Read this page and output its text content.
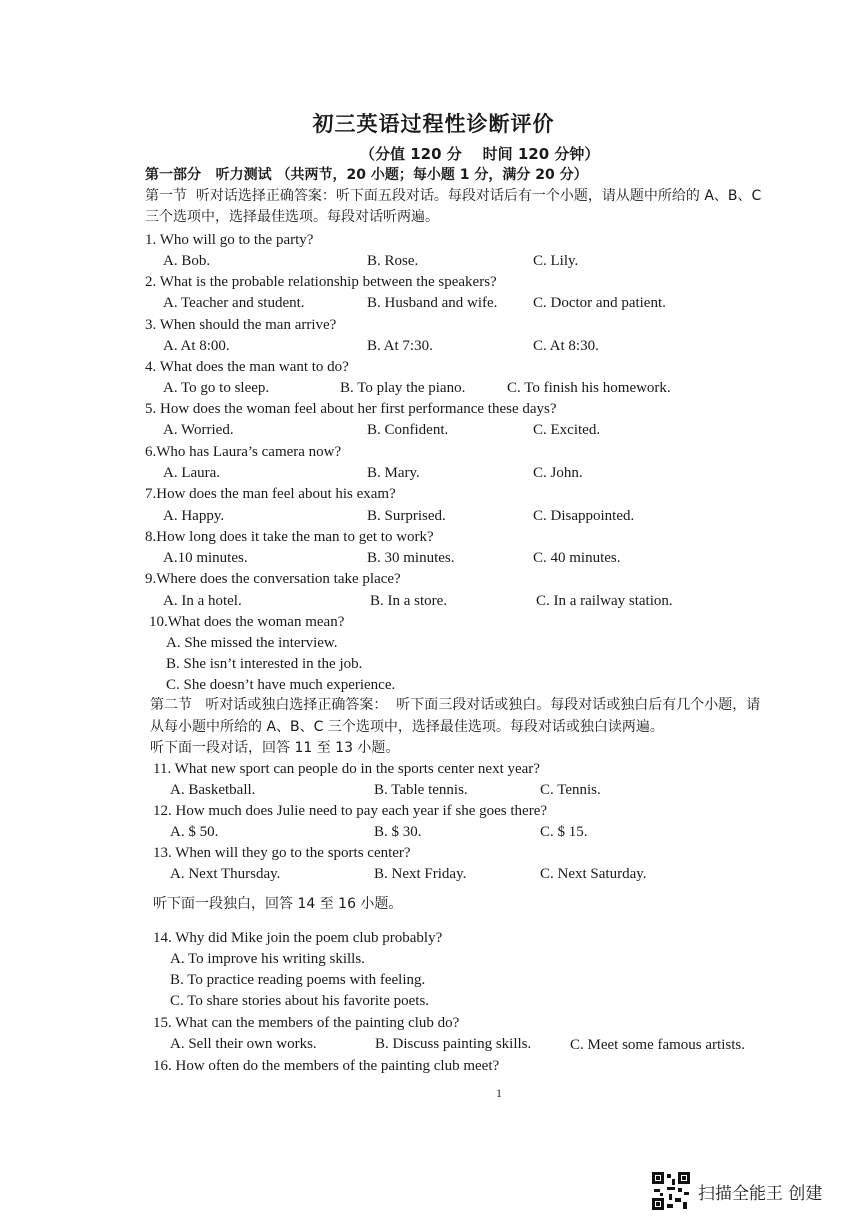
初三英语过程性诊断评价
（分值 120 分    时间 120 分钟）
第一部分   听力测试 （共两节，20 小题；每小题 1 分，满分 20 分）
第一节  听对话选择正确答案：听下面五段对话。每段对话后有一个小题，请从题中所给的 A、B、C
三个选项中，选择最佳选项。每段对话听两遍。
1. Who will go to the party?
A. Bob.	B. Rose.	C. Lily.
2. What is the probable relationship between the speakers?
A. Teacher and student.	B. Husband and wife. C. Doctor and patient.
3. When should the man arrive?
A. At 8:00.	B. At 7:30.	C. At 8:30.
4. What does the man want to do?
A. To go to sleep.	B. To play the piano.	C. To finish his homework.
5. How does the woman feel about her first performance these days?
A. Worried.	B. Confident.	C. Excited.
6.Who has Laura’s camera now?
A. Laura.	B. Mary.	C. John.
7.How does the man feel about his exam?
A. Happy.	B. Surprised.	C. Disappointed.
8.How long does it take the man to get to work?
A.10 minutes.	B. 30 minutes.	C. 40 minutes.
9.Where does the conversation take place?
A. In a hotel.	B. In a store.	C. In a railway station.
10.What does the woman mean?
A. She missed the interview.
B. She isn’t interested in the job.
C. She doesn’t have much experience.
第二节   听对话或独白选择正确答案：  听下面三段对话或独白。每段对话或独白后有几个小题，请
从每小题中所给的 A、B、C 三个选项中，选择最佳选项。每段对话或独白读两遍。
听下面一段对话，回答 11 至 13 小题。
11. What new sport can people do in the sports center next year?
A. Basketball.	B. Table tennis.	C. Tennis.
12. How much does Julie need to pay each year if she goes there?
A. $ 50.	B. $ 30.	C. $ 15.
13. When will they go to the sports center?
A. Next Thursday.	B. Next Friday.	C. Next Saturday.
听下面一段独白，回答 14 至 16 小题。
14. Why did Mike join the poem club probably?
A. To improve his writing skills.
B. To practice reading poems with feeling.
C. To share stories about his favorite poets.
15. What can the members of the painting club do?
A. Sell their own works.	B. Discuss painting skills.	C. Meet some famous artists.
16. How often do the members of the painting club meet?
1
扫描全能王 创建
